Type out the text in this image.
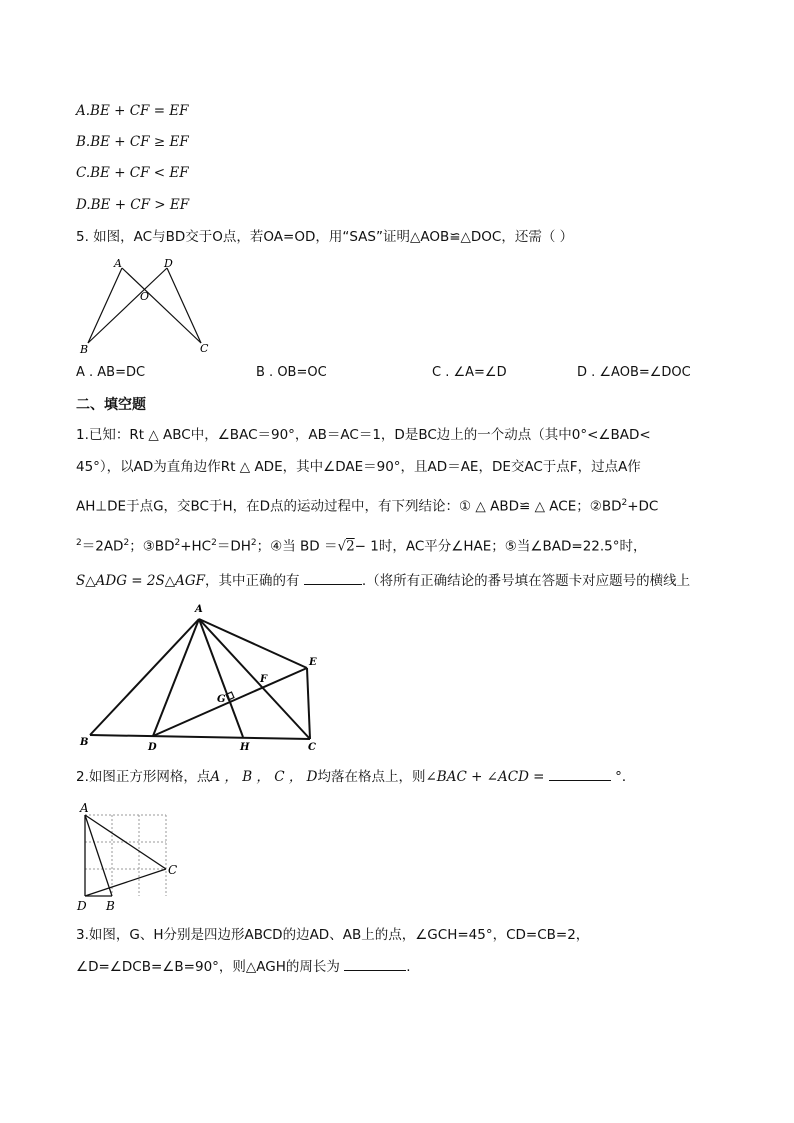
A.BE + CF = EF
B.BE + CF ≥ EF
C.BE + CF < EF
D.BE + CF > EF
5. 如图，AC与BD交于O点，若OA=OD，用“SAS”证明△AOB≌△DOC，还需（ ）
A	D
O
B	C
A . AB=DC	B . OB=OC	C . ∠A=∠D	D . ∠AOB=∠DOC
二、填空题
1.已知：Rt △ ABC中，∠BAC＝90°，AB＝AC＝1，D是BC边上的一个动点（其中0°<∠BAD<
45°），以AD为直角边作Rt △ ADE，其中∠DAE＝90°，且AD＝AE，DE交AC于点F，过点A作
AH⊥DE于点G，交BC于H，在D点的运动过程中，有下列结论：① △ ABD≌ △ ACE；$②BD^2+DC$
$^2=2AD^2$；$③BD^2+HC^2=DH^2$；④当 BD ＝√2− 1时，AC平分∠HAE；⑤当∠BAD=22.5°时，
S△ADG = 2S△AGF，其中正确的有	.（将所有正确结论的番号填在答题卡对应题号的横线上
A
B	D	H	C
E
F
G
2.如图正方形网格，点A ， B ， C ， D均落在格点上，则∠BAC + ∠ACD =	°．
A
C
D B
3.如图，G、H分别是四边形ABCD的边AD、AB上的点，∠GCH=45°，CD=CB=2，
∠D=∠DCB=∠B=90°，则△AGH的周长为	.
